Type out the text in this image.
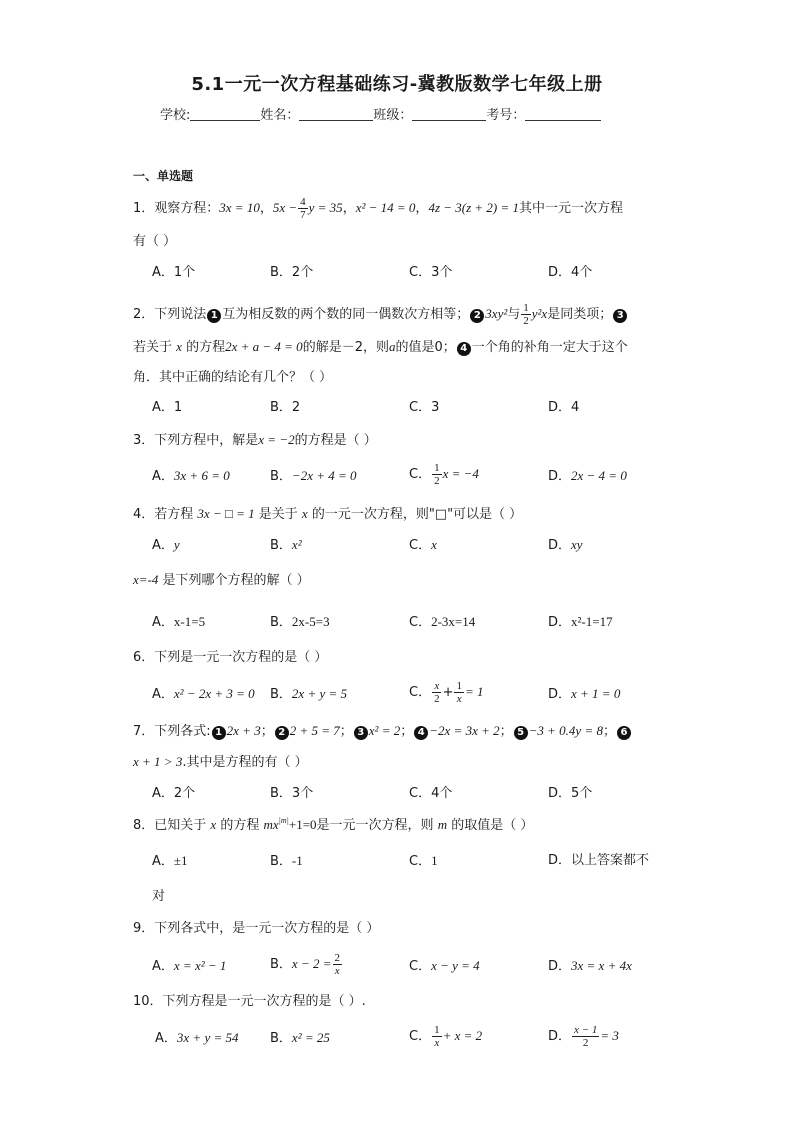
5.1一元一次方程基础练习-冀教版数学七年级上册
学校:	姓名：	班级：	考号：
一、单选题
1．观察方程：3x = 10，$5x - \frac{4}{7}$ y = 35，x² − 14 = 0，4z − 3(z + 2) = 1其中一元一次方程
有（ ）
A．1个	B．2个	C．3个	D．4个
2．下列说法 1 互为相反数的两个数的同一偶数次方相等； 2 3xy²与 $\frac{1}{2} y^2x$是同类项； 3
若关于 x 的方程2x + a − 4 = 0的解是－2，则a的值是0； 4 一个角的补角一定大于这个
角．其中正确的结论有几个？（ ）
A．1	B．2	C．3	D．4
3．下列方程中，解是x = −2的方程是（ ）
A．3x + 6 = 0	B．−2x + 4 = 0	C． $\frac{1}{2}$ x = −4	D．2x − 4 = 0
4．若方程 3x − □ = 1 是关于 x 的一元一次方程，则"□"可以是（ ）
A．y	B．x²	C．x	D．xy
x=-4 是下列哪个方程的解（ ）
A．x-1=5	B．2x-5=3	C．2-3x=14	D．x²-1=17
6．下列是一元一次方程的是（ ）
A．x² − 2x + 3 = 0 B．2x + y = 5	C． $\frac{x}{2} + \frac{1}{x} = 1$	D．x + 1 = 0
7．下列各式: 1 2x + 3； 2 2 + 5 = 7； 3 x² = 2； 4 −2x = 3x + 2； 5 −3 + 0.4y = 8； 6
x + 1 > 3.其中是方程的有（ ）
A．2个	B．3个	C．4个	D．5个
8．已知关于 x 的方程 $mx^{|m|}+1=0$是一元一次方程，则 m 的取值是（ ）
A．±1	B．-1	C．1	D．以上答案都不
对
9．下列各式中，是一元一次方程的是（ ）
A．x = x² − 1	B．$x - 2 = \frac{2}{x}$	C．x − y = 4	D．3x = x + 4x
10．下列方程是一元一次方程的是（ ）.
A．3x + y = 54 B．x² = 25	C． $\frac{1}{x} + x = 2$	D． $\frac{x - 1}{2} = 3$
